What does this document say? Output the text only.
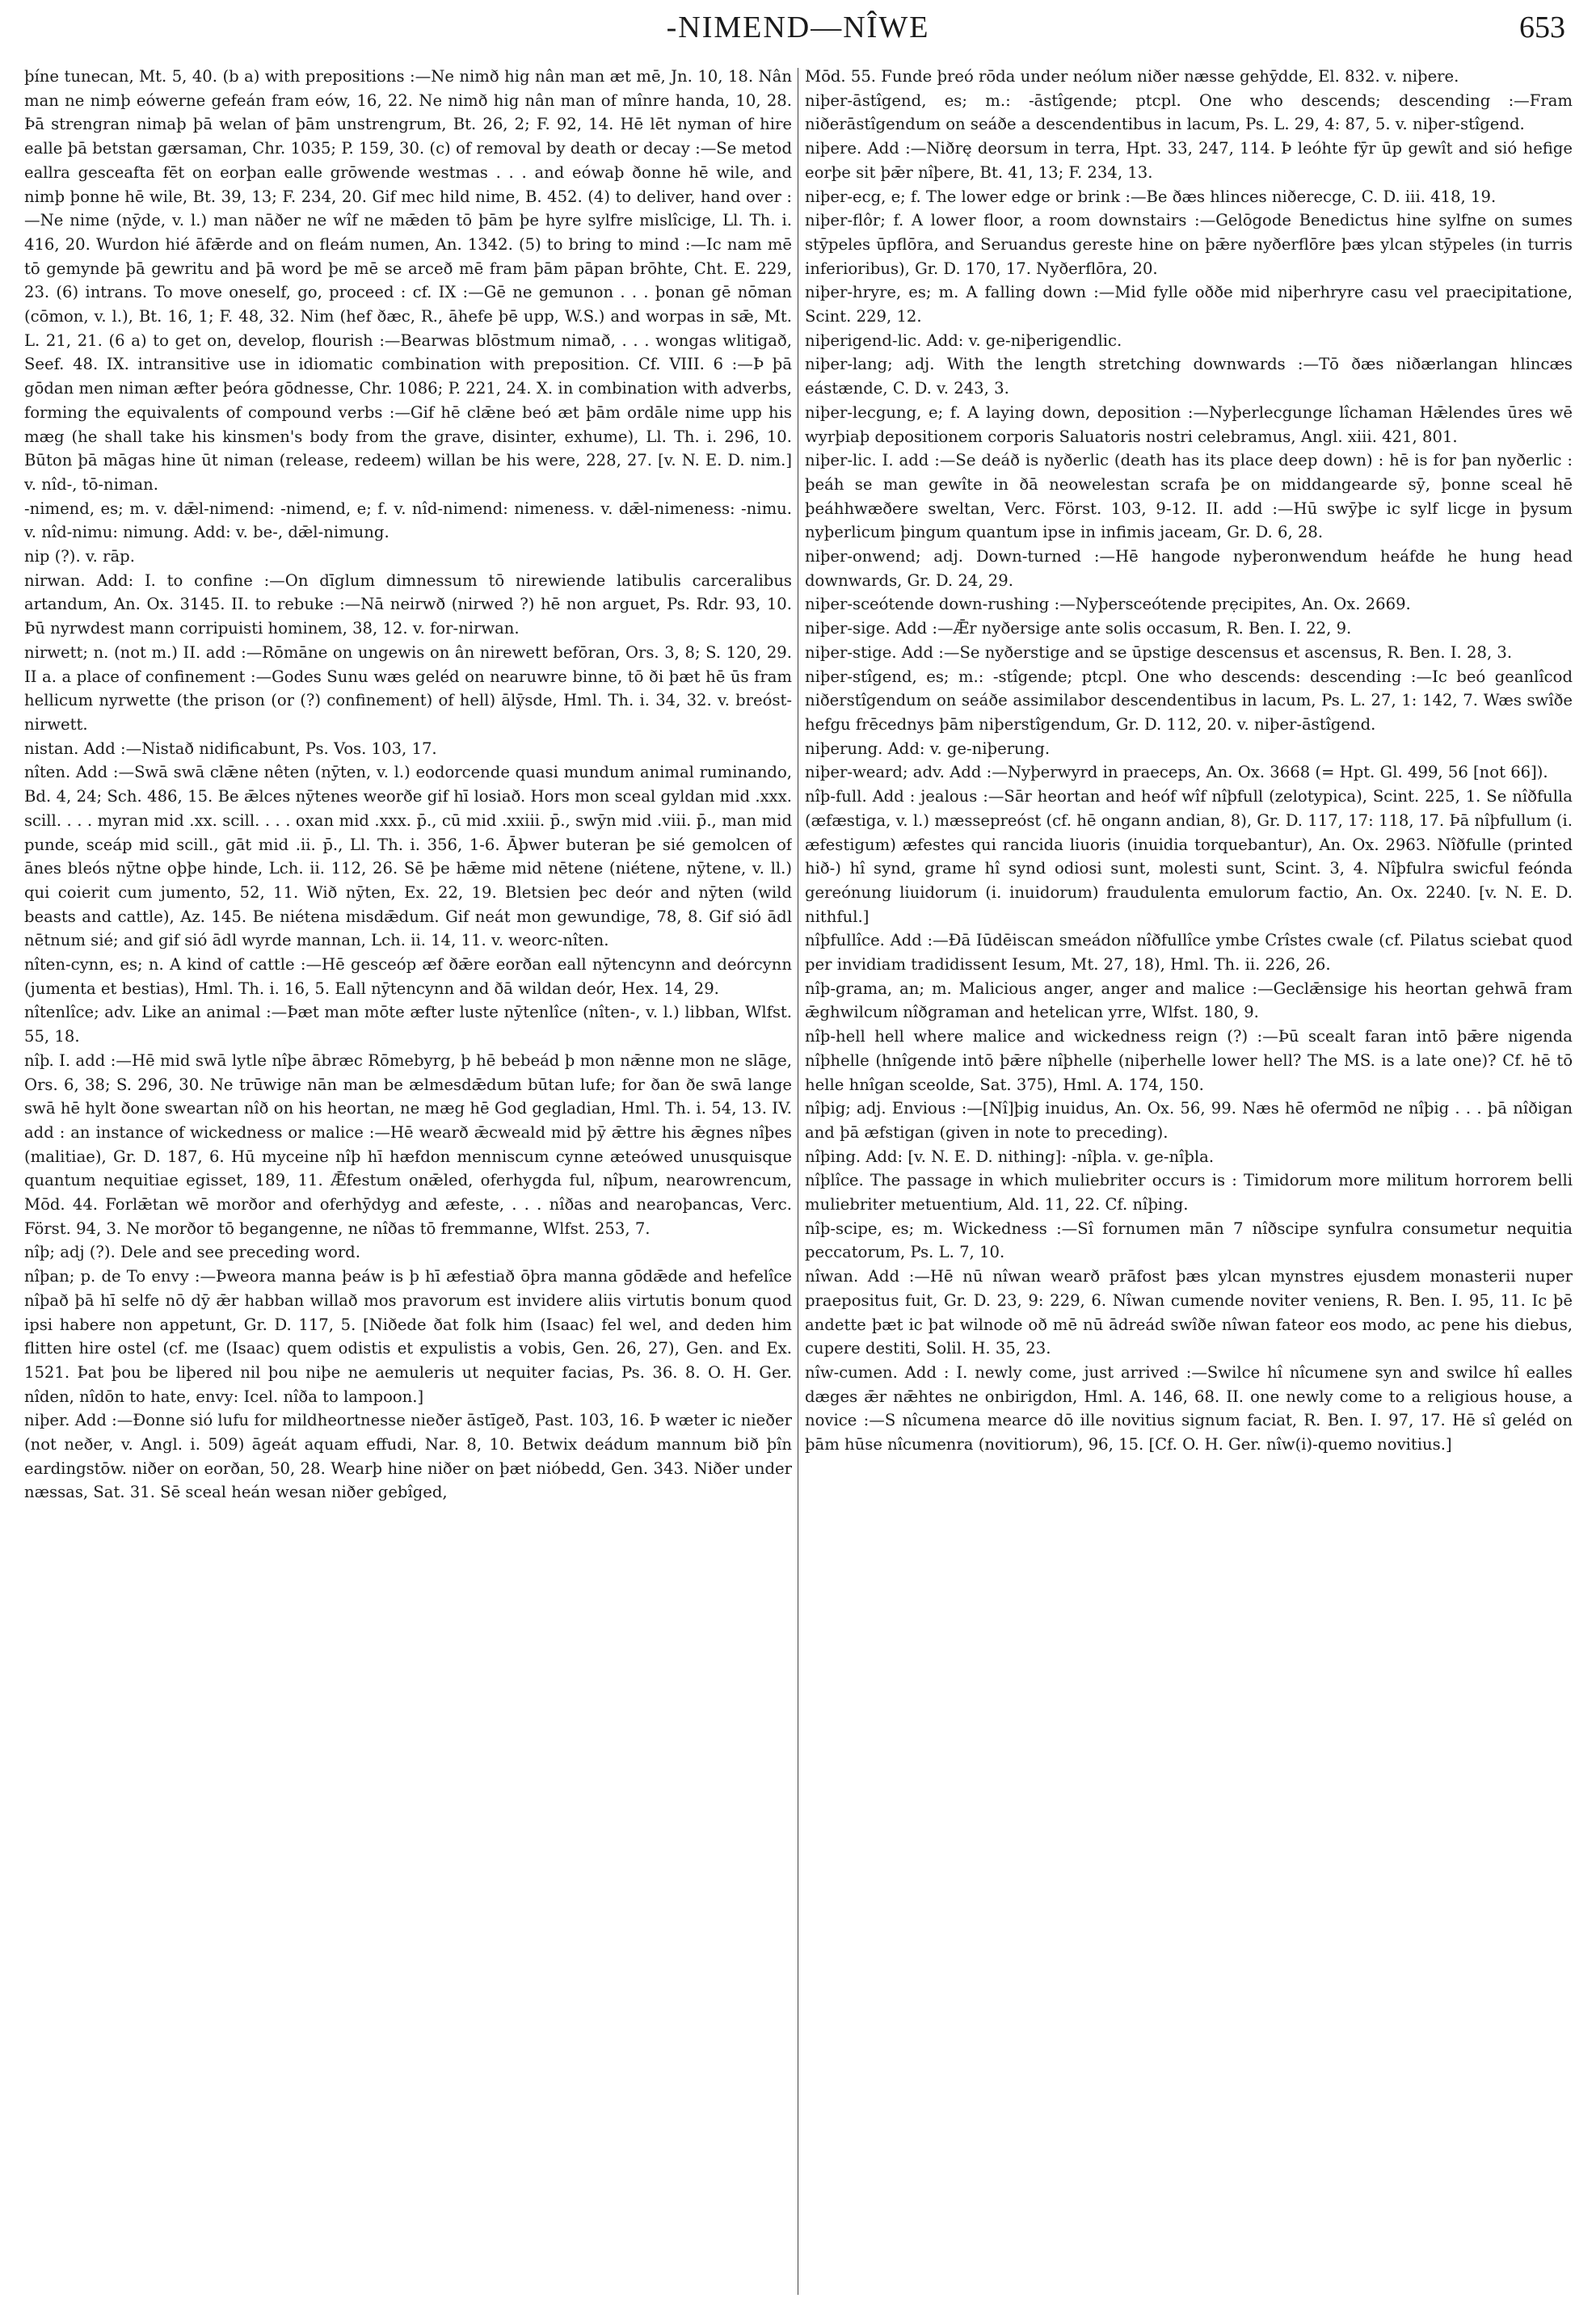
-NIMEND—NÎWE	653

þíne tunecan, Mt. 5, 40. (b a) with prepositions :—Ne nimð hig nân man æt mē, Jn. 10, 18. Nân man ne nimþ eówerne gefeán fram eów, 16, 22. Ne nimð hig nân man of mînre handa, 10, 28. Þā strengran nimaþ þā welan of þām unstrengrum, Bt. 26, 2; F. 92, 14. Hē lēt nyman of hire ealle þā betstan gærsaman, Chr. 1035; P. 159, 30. (c) of removal by death or decay :—Se metod eallra gesceafta fēt on eorþan ealle grōwende westmas . . . and eówaþ ðonne hē wile, and nimþ þonne hē wile, Bt. 39, 13; F. 234, 20. Gif mec hild nime, B. 452. (4) to deliver, hand over :—Ne nime (nȳde, v. l.) man nāðer ne wîf ne mǣden tō þām þe hyre sylfre mislîcige, Ll. Th. i. 416, 20. Wurdon hié āfǣrde and on fleám numen, An. 1342. (5) to bring to mind :—Ic nam mē tō gemynde þā gewritu and þā word þe mē se arceð mē fram þām pāpan brōhte, Cht. E. 229, 23. (6) intrans. To move oneself, go, proceed : cf. IX :—Gē ne gemunon . . . þonan gē nōman (cōmon, v. l.), Bt. 16, 1; F. 48, 32. Nim (hef ðæc, R., āhefe þē upp, W.S.) and worpas in sǣ, Mt. L. 21, 21. (6 a) to get on, develop, flourish :—Bearwas blōstmum nimað, . . . wongas wlitigað, Seef. 48. IX. intransitive use in idiomatic combination with preposition. Cf. VIII. 6 :—Þ þā gōdan men niman æfter þeóra gōdnesse, Chr. 1086; P. 221, 24. X. in combination with adverbs, forming the equivalents of compound verbs :—Gif hē clǣne beó æt þām ordāle nime upp his mæg (he shall take his kinsmen's body from the grave, disinter, exhume), Ll. Th. i. 296, 10. Būton þā māgas hine ūt niman (release, redeem) willan be his were, 228, 27. [v. N. E. D. nim.] v. nîd-, tō-niman.

-nimend, es; m. v. dǣl-nimend: -nimend, e; f. v. nîd-nimend: nimeness. v. dǣl-nimeness: -nimu. v. nîd-nimu: nimung. Add: v. be-, dǣl-nimung.

nip (?). v. rāp.

nirwan. Add: I. to confine :—On dīglum dimnessum tō nirewiende latibulis carceralibus artandum, An. Ox. 3145. II. to rebuke :—Nā neirwð (nirwed ?) hē non arguet, Ps. Rdr. 93, 10. Þū nyrwdest mann corripuisti hominem, 38, 12. v. for-nirwan.

nirwett; n. (not m.) II. add :—Rōmāne on ungewis on ân nirewett befōran, Ors. 3, 8; S. 120, 29. II a. a place of confinement :—Godes Sunu wæs geléd on nearuwre binne, tō ði þæt hē ūs fram hellicum nyrwette (the prison (or (?) confinement) of hell) ālȳsde, Hml. Th. i. 34, 32. v. breóst-nirwett.

nistan. Add :—Nistað nidificabunt, Ps. Vos. 103, 17.

nîten. Add :—Swā swā clǣne nêten (nȳten, v. l.) eodorcende quasi mundum animal ruminando, Bd. 4, 24; Sch. 486, 15. Be ǣlces nȳtenes weorðe gif hī losiað. Hors mon sceal gyldan mid .xxx. scill. . . . myran mid .xx. scill. . . . oxan mid .xxx. p̄., cū mid .xxiii. p̄., swȳn mid .viii. p̄., man mid punde, sceáp mid scill., gāt mid .ii. p̄., Ll. Th. i. 356, 1-6. Āþwer buteran þe sié gemolcen of ānes bleós nȳtne oþþe hinde, Lch. ii. 112, 26. Sē þe hǣme mid nētene (niétene, nȳtene, v. ll.) qui coierit cum jumento, 52, 11. Wið nȳten, Ex. 22, 19. Bletsien þec deór and nȳten (wild beasts and cattle), Az. 145. Be niétena misdǣdum. Gif neát mon gewundige, 78, 8. Gif sió ādl nētnum sié; and gif sió ādl wyrde mannan, Lch. ii. 14, 11. v. weorc-nîten.

nîten-cynn, es; n. A kind of cattle :—Hē gesceóp æf ðǣre eorðan eall nȳtencynn and deórcynn (jumenta et bestias), Hml. Th. i. 16, 5. Eall nȳtencynn and ðā wildan deór, Hex. 14, 29.

nîtenlîce; adv. Like an animal :—Þæt man mōte æfter luste nȳtenlîce (nîten-, v. l.) libban, Wlfst. 55, 18.

nîþ. I. add :—Hē mid swā lytle nîþe ābræc Rōmebyrg, þ hē bebeád þ mon nǣnne mon ne slāge, Ors. 6, 38; S. 296, 30. Ne trūwige nān man be ælmesdǣdum būtan lufe; for ðan ðe swā lange swā hē hylt ðone sweartan nîð on his heortan, ne mæg hē God gegladian, Hml. Th. i. 54, 13. IV. add : an instance of wickedness or malice :—Hē wearð ǣcweald mid þȳ ǣttre his ǣgnes nîþes (malitiae), Gr. D. 187, 6. Hū myceine nîþ hī hæfdon menniscum cynne æteówed unusquisque quantum nequitiae egisset, 189, 11. Ǣfestum onǣled, oferhygda ful, nîþum, nearowrencum, Mōd. 44. Forlǣtan wē morðor and oferhȳdyg and æfeste, . . . nîðas and nearoþancas, Verc. Först. 94, 3. Ne morðor tō begangenne, ne nîðas tō fremmanne, Wlfst. 253, 7.

nîþ; adj (?). Dele and see preceding word.

nîþan; p. de To envy :—Þweora manna þeáw is þ hī æfestiað ōþra manna gōdǣde and hefelîce nîþað þā hī selfe nō dȳ ǣr habban willað mos pravorum est invidere aliis virtutis bonum quod ipsi habere non appetunt, Gr. D. 117, 5. [Niðede ðat folk him (Isaac) fel wel, and deden him flitten hire ostel (cf. me (Isaac) quem odistis et expulistis a vobis, Gen. 26, 27), Gen. and Ex. 1521. Þat þou be liþered nil þou niþe ne aemuleris ut nequiter facias, Ps. 36. 8. O. H. Ger. nîden, nîdōn to hate, envy: Icel. nîða to lampoon.]

niþer. Add :—Ðonne sió lufu for mildheortnesse nieðer āstīgeð, Past. 103, 16. Þ wæter ic nieðer (not neðer, v. Angl. i. 509) āgeát aquam effudi, Nar. 8, 10. Betwix deádum mannum bið þîn eardingstōw. niðer on eorðan, 50, 28. Wearþ hine niðer on þæt nióbedd, Gen. 343. Niðer under næssas, Sat. 31. Sē sceal heán wesan niðer gebîged,

Mōd. 55. Funde þreó rōda under neólum niðer næsse gehȳdde, El. 832. v. niþere.

niþer-āstîgend, es; m.: -āstîgende; ptcpl. One who descends; descending :—Fram niðerāstîgendum on seáðe a descendentibus in lacum, Ps. L. 29, 4: 87, 5. v. niþer-stîgend.

niþere. Add :—Niðrę deorsum in terra, Hpt. 33, 247, 114. Þ leóhte fȳr ūp gewît and sió hefige eorþe sit þǣr nîþere, Bt. 41, 13; F. 234, 13.

niþer-ecg, e; f. The lower edge or brink :—Be ðæs hlinces niðerecge, C. D. iii. 418, 19.

niþer-flôr; f. A lower floor, a room downstairs :—Gelōgode Benedictus hine sylfne on sumes stȳpeles ūpflōra, and Seruandus gereste hine on þǣre nyðerflōre þæs ylcan stȳpeles (in turris inferioribus), Gr. D. 170, 17. Nyðerflōra, 20.

niþer-hryre, es; m. A falling down :—Mid fylle oððe mid niþerhryre casu vel praecipitatione, Scint. 229, 12.

niþerigend-lic. Add: v. ge-niþerigendlic.

niþer-lang; adj. With the length stretching downwards :—Tō ðæs niðærlangan hlincæs eástænde, C. D. v. 243, 3.

niþer-lecgung, e; f. A laying down, deposition :—Nyþerlecgunge lîchaman Hǣlendes ūres wē wyrþiaþ depositionem corporis Saluatoris nostri celebramus, Angl. xiii. 421, 801.

niþer-lic. I. add :—Se deáð is nyðerlic (death has its place deep down) : hē is for þan nyðerlic : þeáh se man gewîte in ðā neowelestan scrafa þe on middangearde sȳ, þonne sceal hē þeáhhwæðere sweltan, Verc. Först. 103, 9-12. II. add :—Hū swȳþe ic sylf licge in þysum nyþerlicum þingum quantum ipse in infimis jaceam, Gr. D. 6, 28.

niþer-onwend; adj. Down-turned :—Hē hangode nyþeronwendum heáfde he hung head downwards, Gr. D. 24, 29.

niþer-sceótende down-rushing :—Nyþersceótende prẹcipites, An. Ox. 2669.

niþer-sige. Add :—Ǣr nyðersige ante solis occasum, R. Ben. I. 22, 9.

niþer-stige. Add :—Se nyðerstige and se ūpstige descensus et ascensus, R. Ben. I. 28, 3.

niþer-stîgend, es; m.: -stîgende; ptcpl. One who descends: descending :—Ic beó geanlîcod niðerstîgendum on seáðe assimilabor descendentibus in lacum, Ps. L. 27, 1: 142, 7. Wæs swîðe hefgu frēcednys þām niþerstîgendum, Gr. D. 112, 20. v. niþer-āstîgend.

niþerung. Add: v. ge-niþerung.

niþer-weard; adv. Add :—Nyþerwyrd in praeceps, An. Ox. 3668 (= Hpt. Gl. 499, 56 [not 66]).

nîþ-full. Add : jealous :—Sār heortan and heóf wîf nîþfull (zelotypica), Scint. 225, 1. Se nîðfulla (æfæstiga, v. l.) mæssepreóst (cf. hē ongann andian, 8), Gr. D. 117, 17: 118, 17. Þā nîþfullum (i. æfestigum) æfestes qui rancida liuoris (inuidia torquebantur), An. Ox. 2963. Nîðfulle (printed hið-) hî synd, grame hî synd odiosi sunt, molesti sunt, Scint. 3, 4. Nîþfulra swicful feónda gereónung liuidorum (i. inuidorum) fraudulenta emulorum factio, An. Ox. 2240. [v. N. E. D. nithful.]

nîþfullîce. Add :—Ðā Iūdēiscan smeádon nîðfullîce ymbe Crîstes cwale (cf. Pilatus sciebat quod per invidiam tradidissent Iesum, Mt. 27, 18), Hml. Th. ii. 226, 26.

nîþ-grama, an; m. Malicious anger, anger and malice :—Geclǣnsige his heortan gehwā fram ǣghwilcum nîðgraman and hetelican yrre, Wlfst. 180, 9.

nîþ-hell hell where malice and wickedness reign (?) :—Þū scealt faran intō þǣre nigenda nîþhelle (hnîgende intō þǣre nîþhelle (niþerhelle lower hell? The MS. is a late one)? Cf. hē tō helle hnîgan sceolde, Sat. 375), Hml. A. 174, 150.

nîþig; adj. Envious :—[Nî]þig inuidus, An. Ox. 56, 99. Næs hē ofermōd ne nîþig . . . þā nîðigan and þā æfstigan (given in note to preceding).

nîþing. Add: [v. N. E. D. nithing]: -nîþla. v. ge-nîþla.

nîþlîce. The passage in which muliebriter occurs is : Timidorum more militum horrorem belli muliebriter metuentium, Ald. 11, 22. Cf. nîþing.

nîþ-scipe, es; m. Wickedness :—Sî fornumen mān 7 nîðscipe synfulra consumetur nequitia peccatorum, Ps. L. 7, 10.

nîwan. Add :—Hē nū nîwan wearð prāfost þæs ylcan mynstres ejusdem monasterii nuper praepositus fuit, Gr. D. 23, 9: 229, 6. Nîwan cumende noviter veniens, R. Ben. I. 95, 11. Ic þē andette þæt ic þat wilnode oð mē nū ādreád swîðe nîwan fateor eos modo, ac pene his diebus, cupere destiti, Solil. H. 35, 23.

nîw-cumen. Add : I. newly come, just arrived :—Swilce hî nîcumene syn and swilce hî ealles dæges ǣr nǣhtes ne onbirigdon, Hml. A. 146, 68. II. one newly come to a religious house, a novice :—S nîcumena mearce dō ille novitius signum faciat, R. Ben. I. 97, 17. Hē sî geléd on þām hūse nîcumenra (novitiorum), 96, 15. [Cf. O. H. Ger. nîw(i)-quemo novitius.]
